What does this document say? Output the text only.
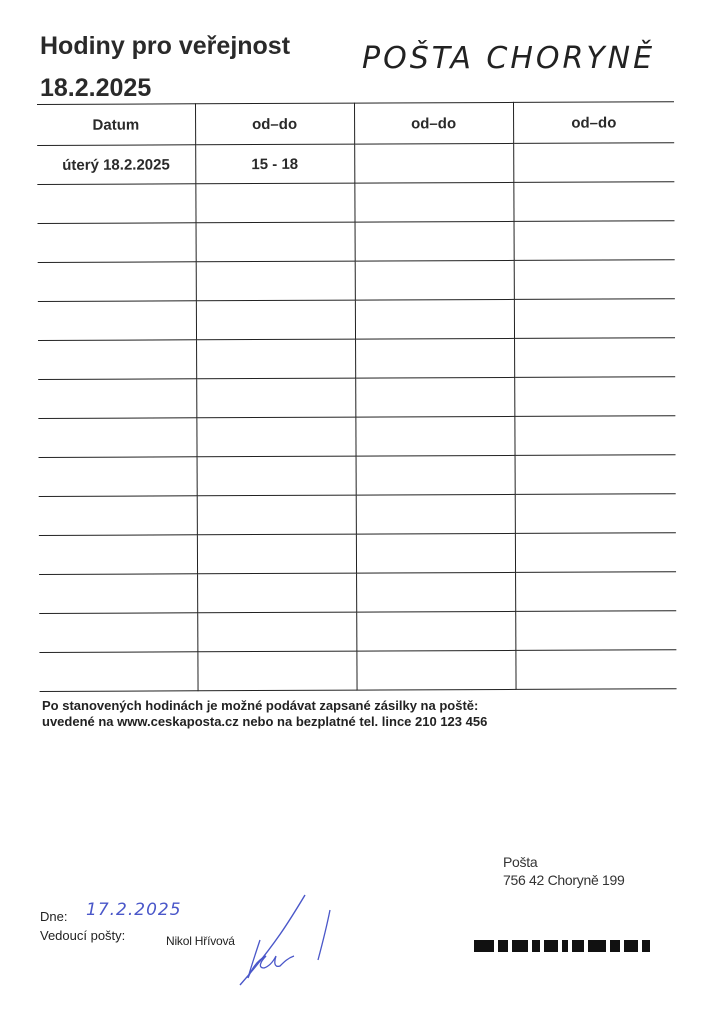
Hodiny pro veřejnost
18.2.2025
POŠTA CHORYNĚ
Datum	od–do	od–do	od–do
úterý 18.2.2025	15 - 18		

Po stanovených hodinách je možné podávat zapsané zásilky na poště:
uvedené na www.ceskaposta.cz nebo na bezplatné tel. lince 210 123 456
Pošta
756 42 Choryně 199
Dne: 17.2.2025
Vedoucí pošty:	Nikol Hřívová
